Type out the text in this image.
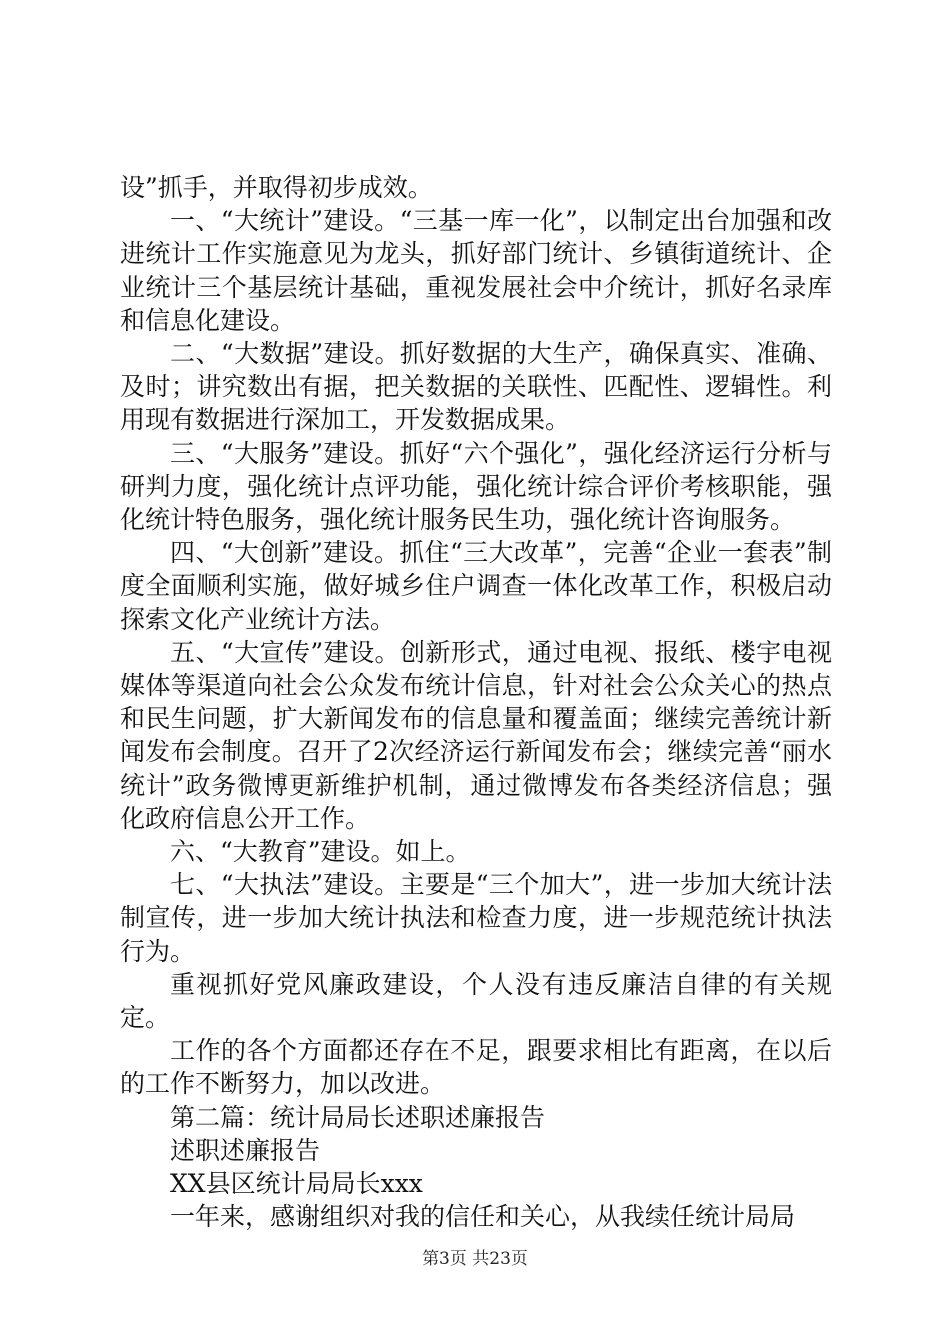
设”抓手，并取得初步成效。

一、“大统计”建设。“三基一库一化”，以制定出台加强和改进统计工作实施意见为龙头，抓好部门统计、乡镇街道统计、企业统计三个基层统计基础，重视发展社会中介统计，抓好名录库和信息化建设。

二、“大数据”建设。抓好数据的大生产，确保真实、准确、及时；讲究数出有据，把关数据的关联性、匹配性、逻辑性。利用现有数据进行深加工，开发数据成果。

三、“大服务”建设。抓好“六个强化”，强化经济运行分析与研判力度，强化统计点评功能，强化统计综合评价考核职能，强化统计特色服务，强化统计服务民生功，强化统计咨询服务。

四、“大创新”建设。抓住“三大改革”，完善“企业一套表”制度全面顺利实施，做好城乡住户调查一体化改革工作，积极启动探索文化产业统计方法。

五、“大宣传”建设。创新形式，通过电视、报纸、楼宇电视媒体等渠道向社会公众发布统计信息，针对社会公众关心的热点和民生问题，扩大新闻发布的信息量和覆盖面；继续完善统计新闻发布会制度。召开了2次经济运行新闻发布会；继续完善“丽水统计”政务微博更新维护机制，通过微博发布各类经济信息；强化政府信息公开工作。

六、“大教育”建设。如上。

七、“大执法”建设。主要是“三个加大”，进一步加大统计法制宣传，进一步加大统计执法和检查力度，进一步规范统计执法行为。

重视抓好党风廉政建设，个人没有违反廉洁自律的有关规定。

工作的各个方面都还存在不足，跟要求相比有距离，在以后的工作不断努力，加以改进。

第二篇：统计局局长述职述廉报告

述职述廉报告

XX县区统计局局长xxx

一年来，感谢组织对我的信任和关心，从我续任统计局局

第3页 共23页
